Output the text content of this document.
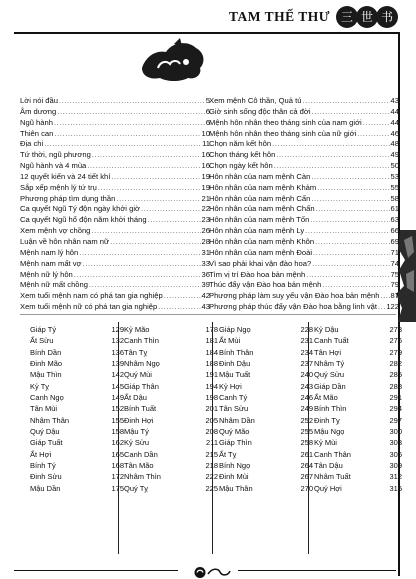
TAM THẾ THƯ 三 世 书
Lời nói đầu .....	5
Âm dương .....	6
Ngũ hành .....	6
Thiên can .....	10
Địa chi .....	11
Tứ thời, ngũ phương .....	16
Ngũ hành và 4 mùa .....	16
12 quyết kiến và 24 tiết khí .....	19
Sắp xếp mệnh lý tứ trụ .....	19
Phương pháp tìm dụng thần .....	21
Ca quyết Ngũ Tý độn ngày khởi giờ .....	22
Ca quyết Ngũ hổ độn năm khởi tháng .....	23
Xem mệnh vợ chồng .....	26
Luận về hôn nhân nam nữ .....	28
Mệnh nam lý hôn .....	31
Mệnh nam mất vợ .....	33
Mệnh nữ lý hôn .....	36
Mệnh nữ mất chồng .....	39
Xem tuổi mệnh nam có phá tan gia nghiệp .....	42
Xem tuổi mệnh nữ có phá tan gia nghiệp .....	43
Xem mệnh Cô thần, Quả tú .....	43
Giờ sinh sống độc thân cả đời .....	44
Mệnh hôn nhân theo tháng sinh của nam giới .....	44
Mệnh hôn nhân theo tháng sinh của nữ giới .....	46
Chọn năm kết hôn .....	48
Chọn tháng kết hôn .....	49
Chọn ngày kết hôn .....	50
Hôn nhân của nam mệnh Càn .....	53
Hôn nhân của nam mệnh Khảm .....	55
Hôn nhân của nam mệnh Cấn .....	58
Hôn nhân của nam mệnh Chấn .....	61
Hôn nhân của nam mệnh Tốn .....	63
Hôn nhân của nam mệnh Ly .....	66
Hôn nhân của nam mệnh Khôn .....	69
Hôn nhân của nam mệnh Đoài .....	71
Vì sao phải khai vận đào hoa? .....	74
Tìm vị trí Đào hoa bản mệnh .....	75
Thúc đẩy vận Đào hoa bản mệnh .....	79
Phương pháp làm suy yếu vận Đào hoa bản mệnh ..... 87
Phương pháp thúc đẩy vận Đào hoa bằng linh vật ..... 122
Giáp Tý	129
Ất Sửu	132
Bính Dần	136
Đinh Mão	139
Mậu Thìn	142
Kỷ Tỵ	145
Canh Ngọ	149
Tân Mùi	152
Nhâm Thân	155
Quý Dậu	158
Giáp Tuất	162
Ất Hợi	165
Bính Tý	168
Đinh Sửu	172
Mậu Dần	175
Kỷ Mão	178
Canh Thìn	181
Tân Tỵ	184
Nhâm Ngọ	188
Quý Mùi	191
Giáp Thân	194
Ất Dậu	198
Bính Tuất	201
Đinh Hợi	205
Mậu Tý	208
Kỷ Sửu	211
Canh Dần	215
Tân Mão	218
Nhâm Thìn	222
Quý Tỵ	225
Giáp Ngọ	228
Ất Mùi	231
Bính Thân	234
Đinh Dậu	237
Mậu Tuất	240
Kỷ Hợi	243
Canh Tý	246
Tân Sửu	249
Nhâm Dần	252
Quý Mão	255
Giáp Thìn	258
Ất Tỵ	261
Bính Ngọ	264
Đinh Mùi	267
Mậu Thân	270
Kỷ Dậu	273
Canh Tuất	276
Tân Hợi	279
Nhâm Tý	282
Quý Sửu	285
Giáp Dần	288
Ất Mão	291
Bính Thìn	294
Đinh Tỵ	297
Mậu Ngọ	300
Kỷ Mùi	303
Canh Thân	306
Tân Dậu	309
Nhâm Tuất	312
Quý Hợi	315
